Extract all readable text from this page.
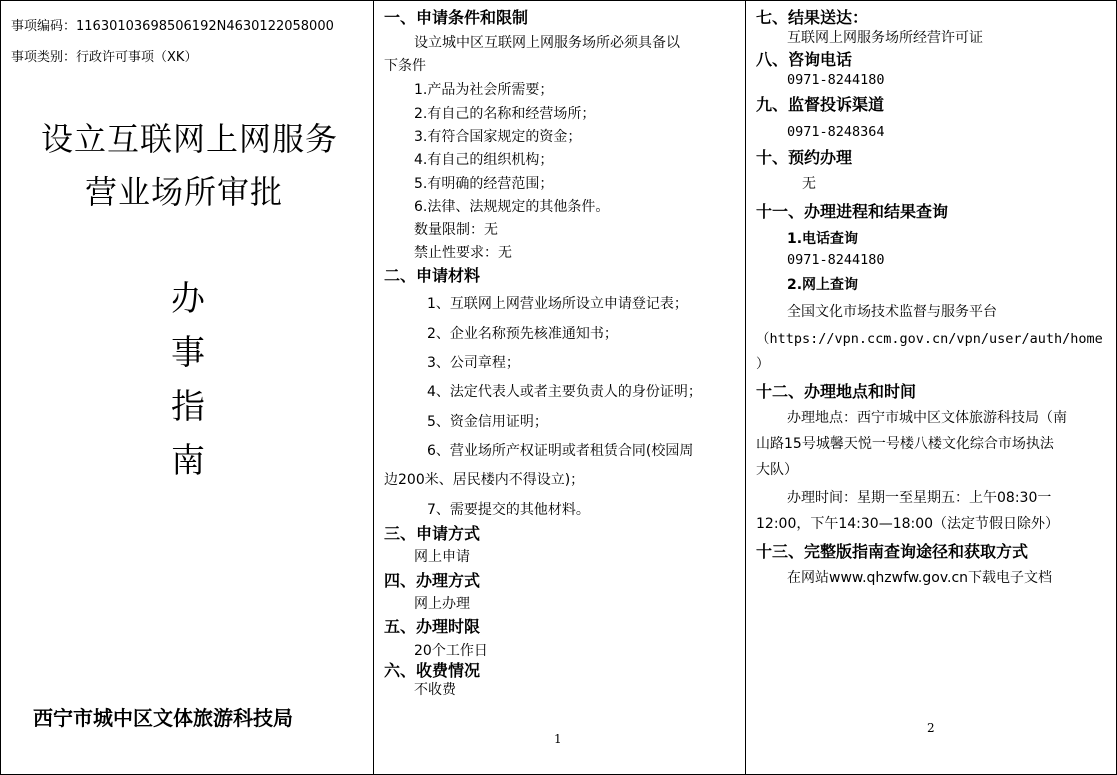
事项编码：11630103698506192N4630122058000
事项类别：行政许可事项（XK）
设立互联网上网服务
营业场所审批
办
事
指
南
西宁市城中区文体旅游科技局
一、申请条件和限制
设立城中区互联网上网服务场所必须具备以
下条件
1.产品为社会所需要；
2.有自己的名称和经营场所；
3.有符合国家规定的资金；
4.有自己的组织机构；
5.有明确的经营范围；
6.法律、法规规定的其他条件。
数量限制：无
禁止性要求：无
二、申请材料
1、互联网上网营业场所设立申请登记表；
2、企业名称预先核准通知书；
3、公司章程；
4、法定代表人或者主要负责人的身份证明；
5、资金信用证明；
6、营业场所产权证明或者租赁合同(校园周
边200米、居民楼内不得设立)；
7、需要提交的其他材料。
三、申请方式
网上申请
四、办理方式
网上办理
五、办理时限
20个工作日
六、收费情况
不收费
1
七、结果送达：
互联网上网服务场所经营许可证
八、咨询电话
0971-8244180
九、监督投诉渠道
0971-8248364
十、预约办理
无
十一、办理进程和结果查询
1.电话查询
0971-8244180
2.网上查询
全国文化市场技术监督与服务平台
（https://vpn.ccm.gov.cn/vpn/user/auth/home
）
十二、办理地点和时间
办理地点：西宁市城中区文体旅游科技局（南
山路15号城馨天悦一号楼八楼文化综合市场执法
大队）
办理时间：星期一至星期五：上午08:30一
12:00，下午14:30—18:00（法定节假日除外）
十三、完整版指南查询途径和获取方式
在网站www.qhzwfw.gov.cn下载电子文档
2
